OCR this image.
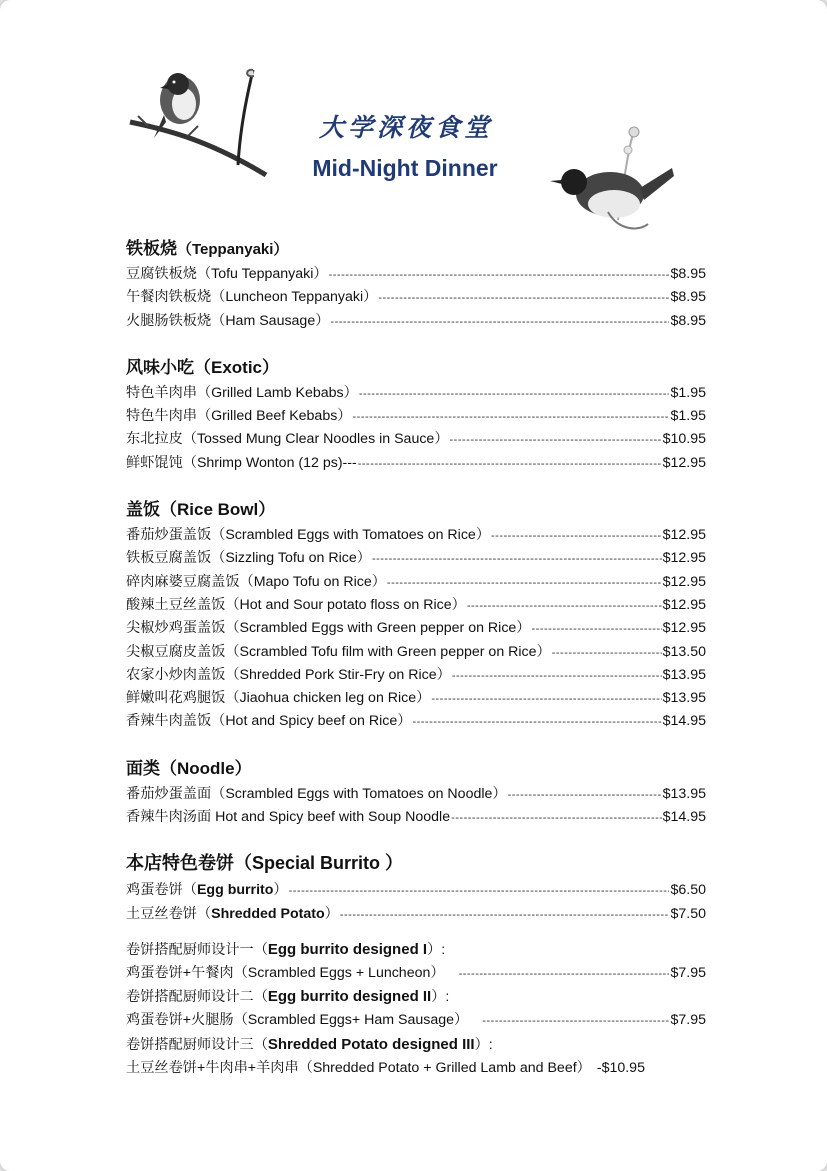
大学深夜食堂
Mid-Night Dinner
铁板烧（Teppanyaki）
豆腐铁板烧（Tofu Teppanyaki） -----	$8.95
午餐肉铁板烧（Luncheon Teppanyaki） -----	$8.95
火腿肠铁板烧（Ham Sausage） -----	$8.95
风味小吃（Exotic）
特色羊肉串（Grilled Lamb Kebabs） -----	$1.95
特色牛肉串（Grilled Beef Kebabs） -----	$1.95
东北拉皮（Tossed Mung Clear Noodles in Sauce） -----	$10.95
鲜虾馄饨（Shrimp Wonton (12 ps)--- -----	$12.95
盖饭（Rice Bowl）
番茄炒蛋盖饭（Scrambled Eggs with Tomatoes on Rice） -----	$12.95
铁板豆腐盖饭（Sizzling Tofu on Rice） -----	$12.95
碎肉麻婆豆腐盖饭（Mapo Tofu on Rice） -----	$12.95
酸辣土豆丝盖饭（Hot and Sour potato floss on Rice） -----	$12.95
尖椒炒鸡蛋盖饭（Scrambled Eggs with Green pepper on Rice） -----	$12.95
尖椒豆腐皮盖饭（Scrambled Tofu film with Green pepper on Rice） -----	$13.50
农家小炒肉盖饭（Shredded Pork Stir-Fry on Rice） -----	$13.95
鲜嫩叫花鸡腿饭（Jiaohua chicken leg on Rice） -----	$13.95
香辣牛肉盖饭（Hot and Spicy beef on Rice） -----	$14.95
面类（Noodle）
番茄炒蛋盖面（Scrambled Eggs with Tomatoes on Noodle） -----	$13.95
香辣牛肉汤面 Hot and Spicy beef with Soup Noodle -----	$14.95
本店特色卷饼（Special Burrito ）
鸡蛋卷饼（Egg burrito） -----	$6.50
土豆丝卷饼（Shredded Potato） -----	$7.50
卷饼搭配厨师设计一（Egg burrito designed I）:
鸡蛋卷饼+午餐肉（Scrambled Eggs + Luncheon） -----	$7.95
卷饼搭配厨师设计二（Egg burrito designed II）:
鸡蛋卷饼+火腿肠（Scrambled Eggs+ Ham Sausage） -----	$7.95
卷饼搭配厨师设计三（Shredded Potato designed III）:
土豆丝卷饼+牛肉串+羊肉串（Shredded Potato + Grilled Lamb and Beef） -$10.95
